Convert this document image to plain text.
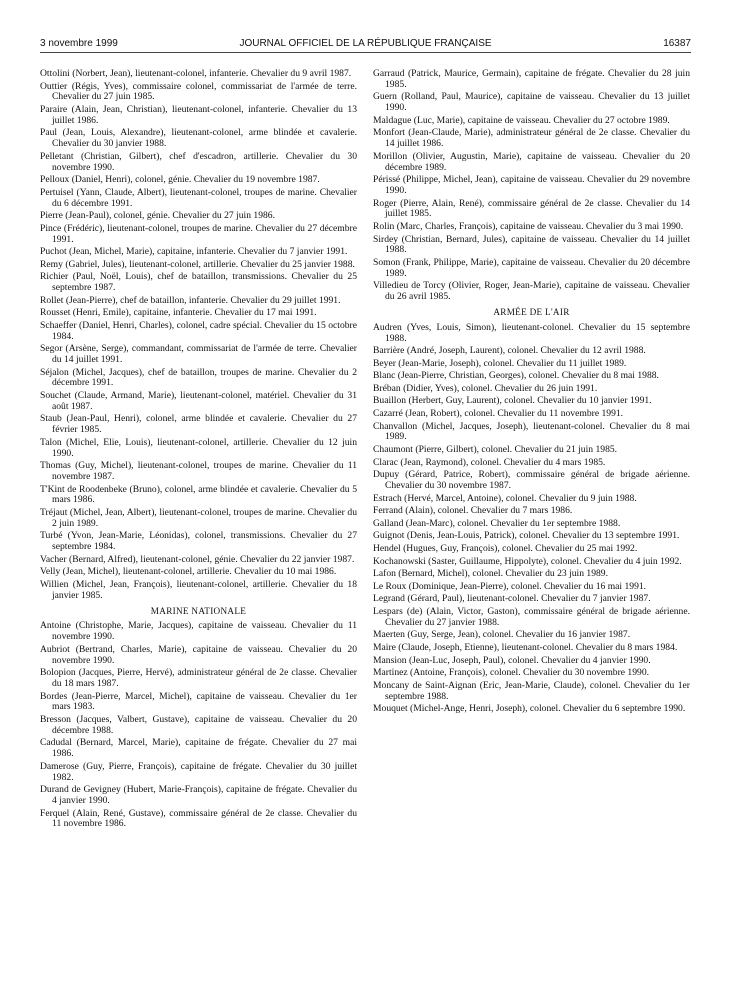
3 novembre 1999	JOURNAL OFFICIEL DE LA RÉPUBLIQUE FRANÇAISE	16387

Ottolini (Norbert, Jean), lieutenant-colonel, infanterie. Chevalier du 9 avril 1987.

Outtier (Régis, Yves), commissaire colonel, commissariat de l'armée de terre. Chevalier du 27 juin 1985.

Paraire (Alain, Jean, Christian), lieutenant-colonel, infanterie. Chevalier du 13 juillet 1986.

Paul (Jean, Louis, Alexandre), lieutenant-colonel, arme blindée et cavalerie. Chevalier du 30 janvier 1988.

Pelletant (Christian, Gilbert), chef d'escadron, artillerie. Chevalier du 30 novembre 1990.

Pelloux (Daniel, Henri), colonel, génie. Chevalier du 19 novembre 1987.

Pertuisel (Yann, Claude, Albert), lieutenant-colonel, troupes de marine. Chevalier du 6 décembre 1991.

Pierre (Jean-Paul), colonel, génie. Chevalier du 27 juin 1986.

Pince (Frédéric), lieutenant-colonel, troupes de marine. Chevalier du 27 décembre 1991.

Puchot (Jean, Michel, Marie), capitaine, infanterie. Chevalier du 7 janvier 1991.

Remy (Gabriel, Jules), lieutenant-colonel, artillerie. Chevalier du 25 janvier 1988.

Richier (Paul, Noël, Louis), chef de bataillon, transmissions. Chevalier du 25 septembre 1987.

Rollet (Jean-Pierre), chef de bataillon, infanterie. Chevalier du 29 juillet 1991.

Rousset (Henri, Emile), capitaine, infanterie. Chevalier du 17 mai 1991.

Schaeffer (Daniel, Henri, Charles), colonel, cadre spécial. Chevalier du 15 octobre 1984.

Segor (Arsène, Serge), commandant, commissariat de l'armée de terre. Chevalier du 14 juillet 1991.

Séjalon (Michel, Jacques), chef de bataillon, troupes de marine. Chevalier du 2 décembre 1991.

Souchet (Claude, Armand, Marie), lieutenant-colonel, matériel. Chevalier du 31 août 1987.

Staub (Jean-Paul, Henri), colonel, arme blindée et cavalerie. Chevalier du 27 février 1985.

Talon (Michel, Elie, Louis), lieutenant-colonel, artillerie. Chevalier du 12 juin 1990.

Thomas (Guy, Michel), lieutenant-colonel, troupes de marine. Chevalier du 11 novembre 1987.

T'Kint de Roodenbeke (Bruno), colonel, arme blindée et cavalerie. Chevalier du 5 mars 1986.

Tréjaut (Michel, Jean, Albert), lieutenant-colonel, troupes de marine. Chevalier du 2 juin 1989.

Turbé (Yvon, Jean-Marie, Léonidas), colonel, transmissions. Chevalier du 27 septembre 1984.

Vacher (Bernard, Alfred), lieutenant-colonel, génie. Chevalier du 22 janvier 1987.

Velly (Jean, Michel), lieutenant-colonel, artillerie. Chevalier du 10 mai 1986.

Willien (Michel, Jean, François), lieutenant-colonel, artillerie. Chevalier du 18 janvier 1985.

MARINE NATIONALE

Antoine (Christophe, Marie, Jacques), capitaine de vaisseau. Chevalier du 11 novembre 1990.

Aubriot (Bertrand, Charles, Marie), capitaine de vaisseau. Chevalier du 20 novembre 1990.

Bolopion (Jacques, Pierre, Hervé), administrateur général de 2e classe. Chevalier du 18 mars 1987.

Bordes (Jean-Pierre, Marcel, Michel), capitaine de vaisseau. Chevalier du 1er mars 1983.

Bresson (Jacques, Valbert, Gustave), capitaine de vaisseau. Chevalier du 20 décembre 1988.

Cadudal (Bernard, Marcel, Marie), capitaine de frégate. Chevalier du 27 mai 1986.

Damerose (Guy, Pierre, François), capitaine de frégate. Chevalier du 30 juillet 1982.

Durand de Gevigney (Hubert, Marie-François), capitaine de frégate. Chevalier du 4 janvier 1990.

Ferquel (Alain, René, Gustave), commissaire général de 2e classe. Chevalier du 11 novembre 1986.

Garraud (Patrick, Maurice, Germain), capitaine de frégate. Chevalier du 28 juin 1985.

Guern (Rolland, Paul, Maurice), capitaine de vaisseau. Chevalier du 13 juillet 1990.

Maldague (Luc, Marie), capitaine de vaisseau. Chevalier du 27 octobre 1989.

Monfort (Jean-Claude, Marie), administrateur général de 2e classe. Chevalier du 14 juillet 1986.

Morillon (Olivier, Augustin, Marie), capitaine de vaisseau. Chevalier du 20 décembre 1989.

Périssé (Philippe, Michel, Jean), capitaine de vaisseau. Chevalier du 29 novembre 1990.

Roger (Pierre, Alain, René), commissaire général de 2e classe. Chevalier du 14 juillet 1985.

Rolin (Marc, Charles, François), capitaine de vaisseau. Chevalier du 3 mai 1990.

Sirdey (Christian, Bernard, Jules), capitaine de vaisseau. Chevalier du 14 juillet 1988.

Somon (Frank, Philippe, Marie), capitaine de vaisseau. Chevalier du 20 décembre 1989.

Villedieu de Torcy (Olivier, Roger, Jean-Marie), capitaine de vaisseau. Chevalier du 26 avril 1985.

ARMÉE DE L'AIR

Audren (Yves, Louis, Simon), lieutenant-colonel. Chevalier du 15 septembre 1988.

Barrière (André, Joseph, Laurent), colonel. Chevalier du 12 avril 1988.

Beyer (Jean-Marie, Joseph), colonel. Chevalier du 11 juillet 1989.

Blanc (Jean-Pierre, Christian, Georges), colonel. Chevalier du 8 mai 1988.

Bréban (Didier, Yves), colonel. Chevalier du 26 juin 1991.

Buaillon (Herbert, Guy, Laurent), colonel. Chevalier du 10 janvier 1991.

Cazarré (Jean, Robert), colonel. Chevalier du 11 novembre 1991.

Chanvallon (Michel, Jacques, Joseph), lieutenant-colonel. Chevalier du 8 mai 1989.

Chaumont (Pierre, Gilbert), colonel. Chevalier du 21 juin 1985.

Clarac (Jean, Raymond), colonel. Chevalier du 4 mars 1985.

Dupuy (Gérard, Patrice, Robert), commissaire général de brigade aérienne. Chevalier du 30 novembre 1987.

Estrach (Hervé, Marcel, Antoine), colonel. Chevalier du 9 juin 1988.

Ferrand (Alain), colonel. Chevalier du 7 mars 1986.

Galland (Jean-Marc), colonel. Chevalier du 1er septembre 1988.

Guignot (Denis, Jean-Louis, Patrick), colonel. Chevalier du 13 septembre 1991.

Hendel (Hugues, Guy, François), colonel. Chevalier du 25 mai 1992.

Kochanowski (Saster, Guillaume, Hippolyte), colonel. Chevalier du 4 juin 1992.

Lafon (Bernard, Michel), colonel. Chevalier du 23 juin 1989.

Le Roux (Dominique, Jean-Pierre), colonel. Chevalier du 16 mai 1991.

Legrand (Gérard, Paul), lieutenant-colonel. Chevalier du 7 janvier 1987.

Lespars (de) (Alain, Victor, Gaston), commissaire général de brigade aérienne. Chevalier du 27 janvier 1988.

Maerten (Guy, Serge, Jean), colonel. Chevalier du 16 janvier 1987.

Maire (Claude, Joseph, Etienne), lieutenant-colonel. Chevalier du 8 mars 1984.

Mansion (Jean-Luc, Joseph, Paul), colonel. Chevalier du 4 janvier 1990.

Martinez (Antoine, François), colonel. Chevalier du 30 novembre 1990.

Moncany de Saint-Aignan (Eric, Jean-Marie, Claude), colonel. Chevalier du 1er septembre 1988.

Mouquet (Michel-Ange, Henri, Joseph), colonel. Chevalier du 6 septembre 1990.
